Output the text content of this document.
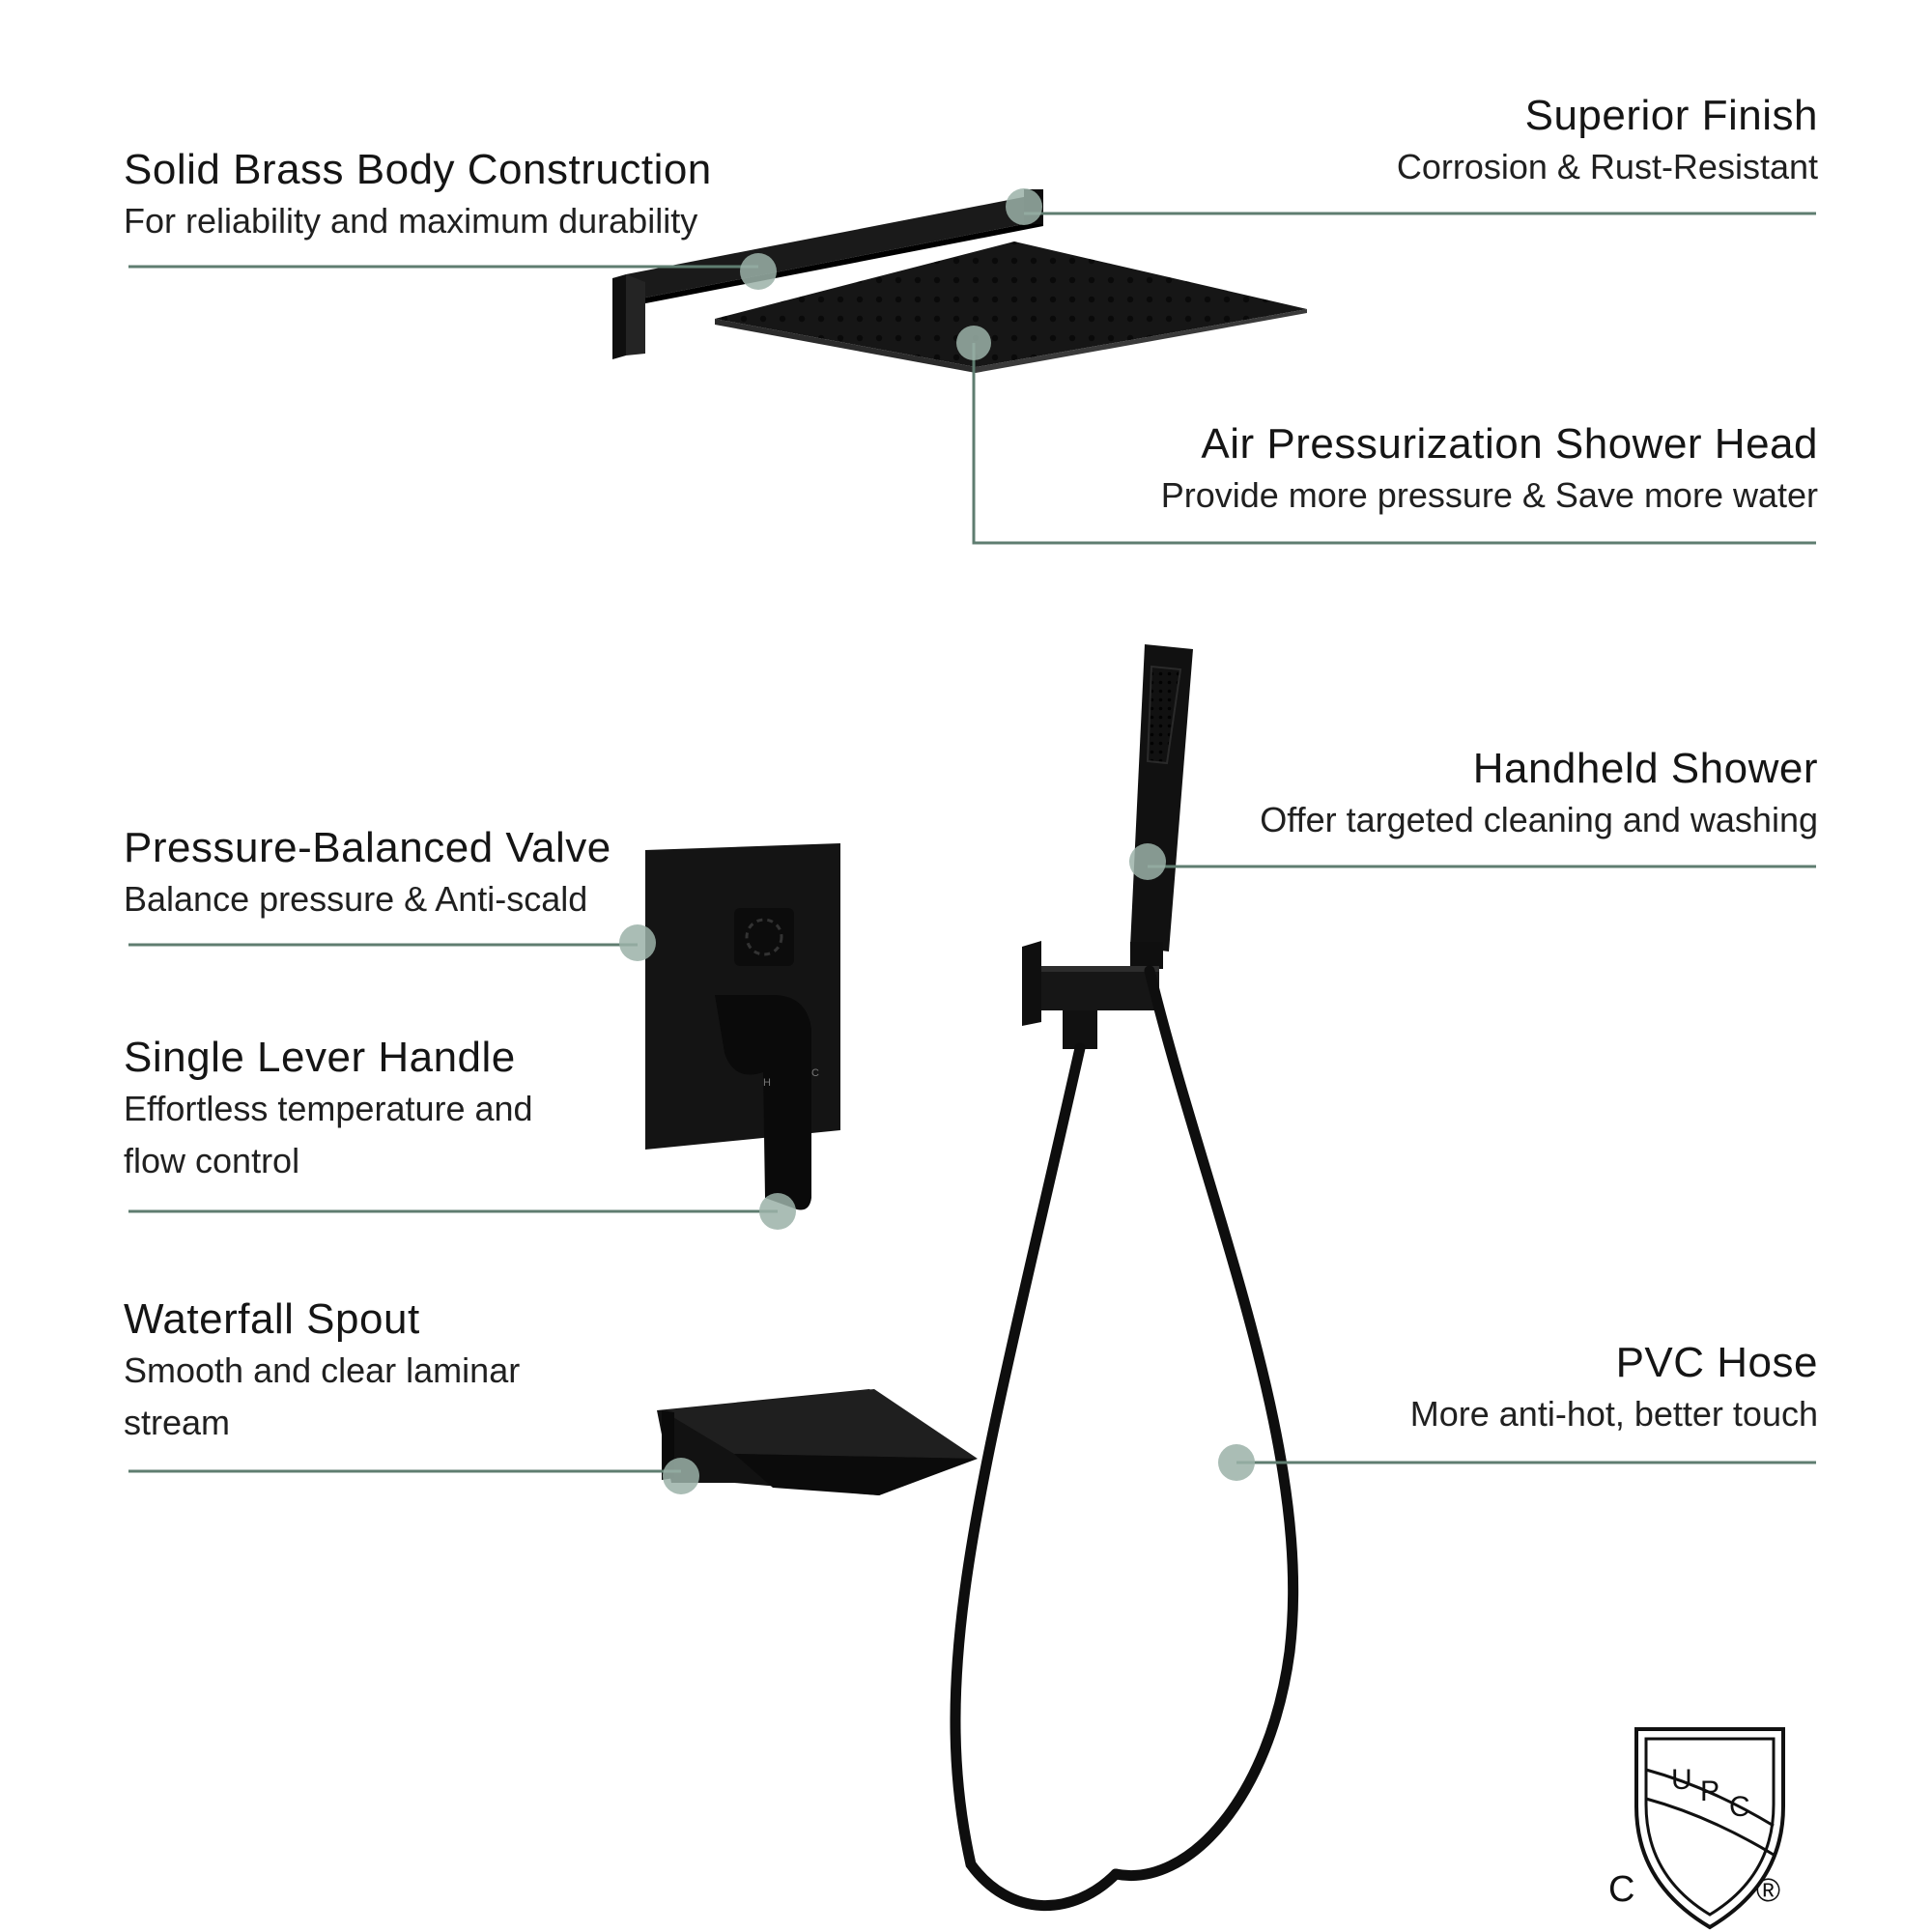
H
C
U P C
C	®
Solid Brass Body Construction
For reliability and maximum durability
Superior Finish
Corrosion & Rust-Resistant
Air Pressurization Shower Head
Provide more pressure & Save more water
Handheld Shower
Offer targeted cleaning and washing
Pressure-Balanced Valve
Balance pressure & Anti-scald
Single Lever Handle
Effortless temperature and
flow control
Waterfall Spout
Smooth and clear laminar
stream
PVC Hose
More anti-hot, better touch
